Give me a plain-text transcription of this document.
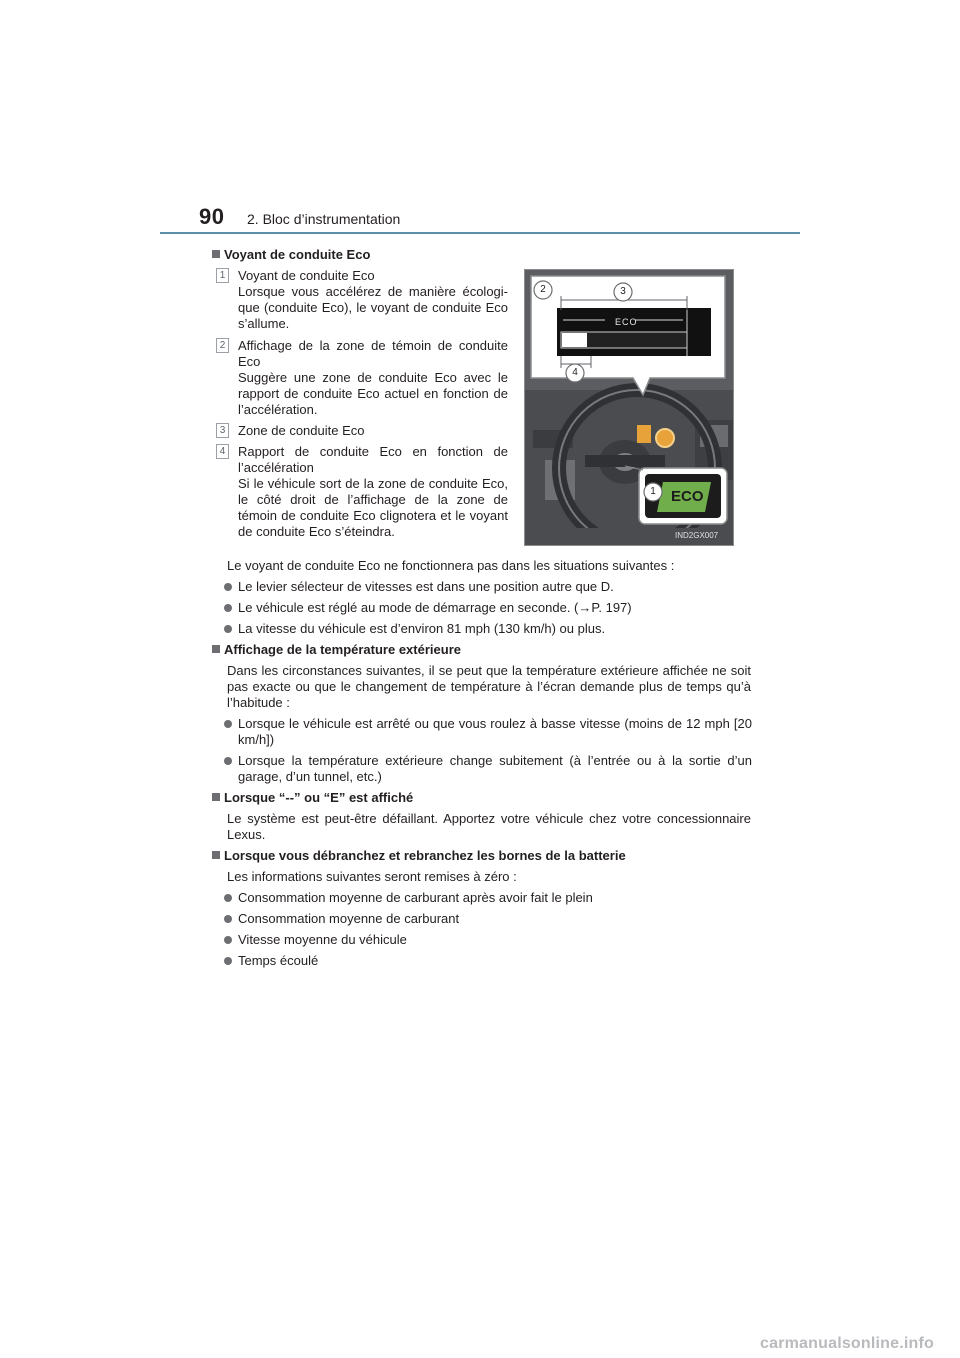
90 2. Bloc d’instrumentation
Voyant de conduite Eco
1 Voyant de conduite Eco

Lorsque vous accélérez de manière écologi-que (conduite Eco), le voyant de conduite Eco s’allume.

2 Affichage de la zone de témoin de conduite Eco

Suggère une zone de conduite Eco avec le rapport de conduite Eco actuel en fonction de l’accélération.

3 Zone de conduite Eco

4 Rapport de conduite Eco en fonction de l’accélération

Si le véhicule sort de la zone de conduite Eco, le côté droit de l’affichage de la zone de témoin de conduite Eco clignotera et le voyant de conduite Eco s’éteindra.

ECO
2	3
4
1 ECO
IND2GX007

Le voyant de conduite Eco ne fonctionnera pas dans les situations suivantes :

Le levier sélecteur de vitesses est dans une position autre que D.
Le véhicule est réglé au mode de démarrage en seconde. (→P. 197)
La vitesse du véhicule est d’environ 81 mph (130 km/h) ou plus.
Affichage de la température extérieure

Dans les circonstances suivantes, il se peut que la température extérieure affichée ne soit pas exacte ou que le changement de température à l’écran demande plus de temps qu’à l’habitude :

Lorsque le véhicule est arrêté ou que vous roulez à basse vitesse (moins de 12 mph [20 km/h])
Lorsque la température extérieure change subitement (à l’entrée ou à la sortie d’un garage, d’un tunnel, etc.)
Lorsque “--” ou “E” est affiché

Le système est peut-être défaillant. Apportez votre véhicule chez votre concessionnaire Lexus.

Lorsque vous débranchez et rebranchez les bornes de la batterie

Les informations suivantes seront remises à zéro :

Consommation moyenne de carburant après avoir fait le plein
Consommation moyenne de carburant
Vitesse moyenne du véhicule
Temps écoulé
carmanualsonline.info
